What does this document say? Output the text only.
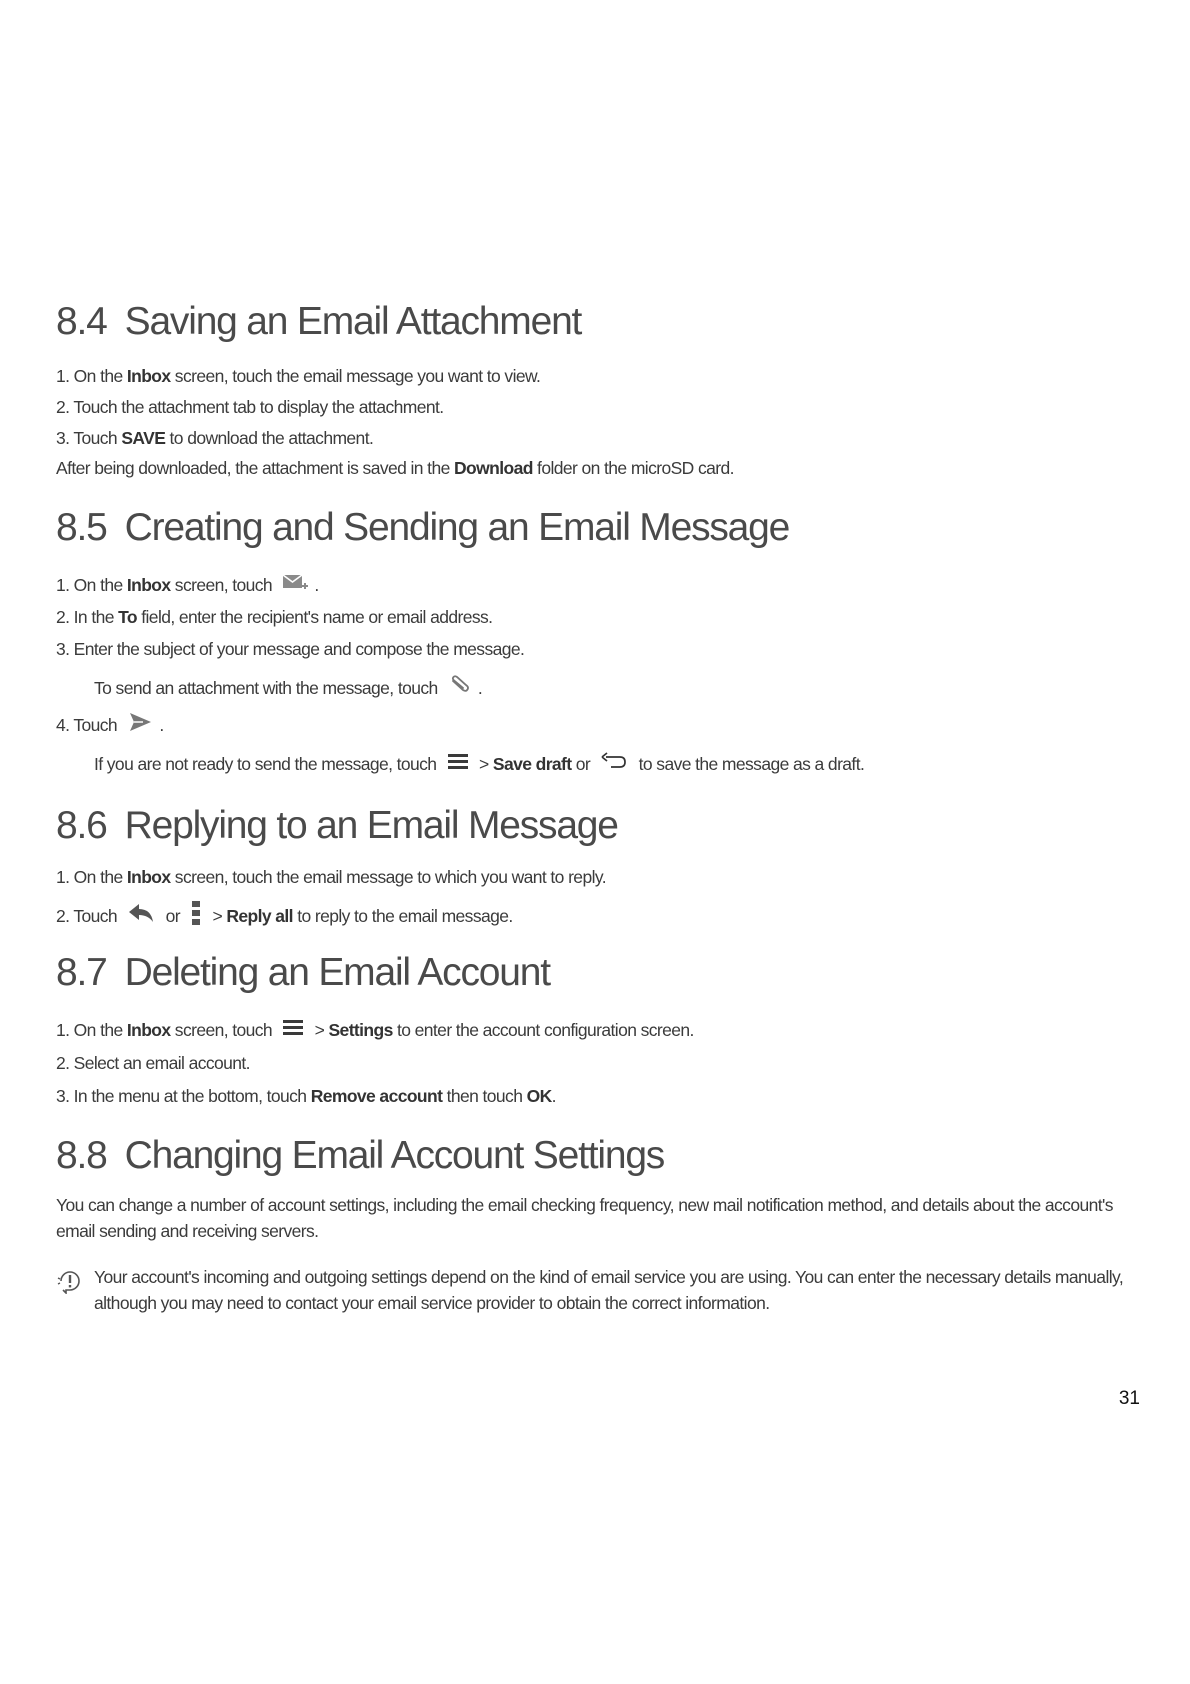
8.4 Saving an Email Attachment

1. On the Inbox screen, touch the email message you want to view.

2. Touch the attachment tab to display the attachment.

3. Touch SAVE to download the attachment.

After being downloaded, the attachment is saved in the Download folder on the microSD card.

8.5 Creating and Sending an Email Message

1. On the Inbox screen, touch .

2. In the To field, enter the recipient's name or email address.

3. Enter the subject of your message and compose the message.

To send an attachment with the message, touch .

4. Touch .

If you are not ready to send the message, touch  > Save draft or  to save the message as a draft.

8.6 Replying to an Email Message

1. On the Inbox screen, touch the email message to which you want to reply.

2. Touch	or  > Reply all to reply to the email message.

8.7 Deleting an Email Account

1. On the Inbox screen, touch  > Settings to enter the account configuration screen.

2. Select an email account.

3. In the menu at the bottom, touch Remove account then touch OK.

8.8 Changing Email Account Settings

You can change a number of account settings, including the email checking frequency, new mail notification method, and details about the account's email sending and receiving servers.

Your account's incoming and outgoing settings depend on the kind of email service you are using. You can enter the necessary details manually, although you may need to contact your email service provider to obtain the correct information.

31
